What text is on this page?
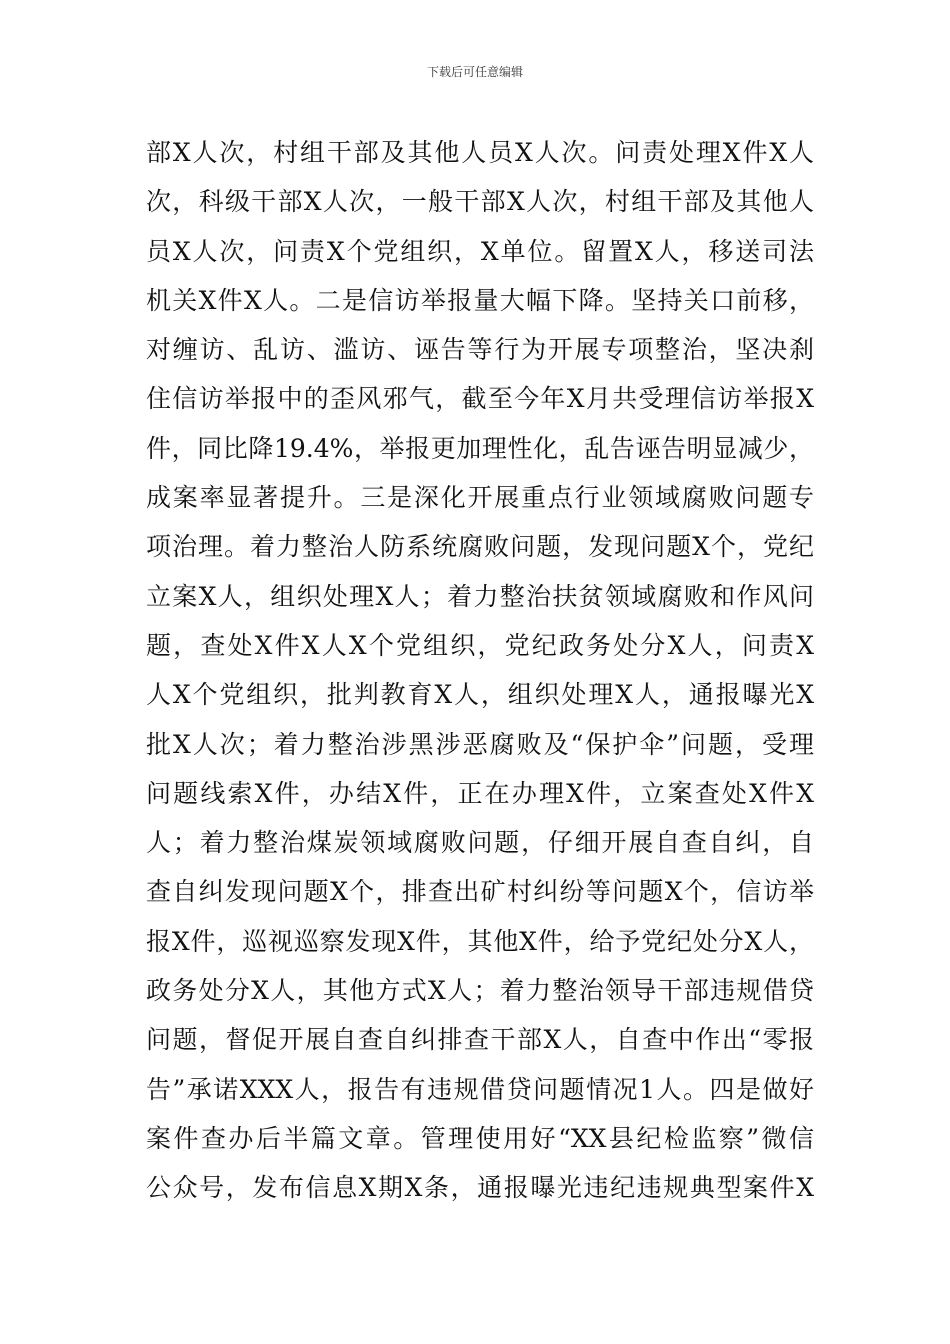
下载后可任意编辑
部X人次，村组干部及其他人员X人次。问责处理X件X人
次，科级干部X人次，一般干部X人次，村组干部及其他人
员X人次，问责X个党组织，X单位。留置X人，移送司法
机关X件X人。二是信访举报量大幅下降。坚持关口前移，
对缠访、乱访、滥访、诬告等行为开展专项整治，坚决刹
住信访举报中的歪风邪气，截至今年X月共受理信访举报X
件，同比降19.4%，举报更加理性化，乱告诬告明显减少，
成案率显著提升。三是深化开展重点行业领域腐败问题专
项治理。着力整治人防系统腐败问题，发现问题X个，党纪
立案X人，组织处理X人；着力整治扶贫领域腐败和作风问
题，查处X件X人X个党组织，党纪政务处分X人，问责X
人X个党组织，批判教育X人，组织处理X人，通报曝光X
批X人次；着力整治涉黑涉恶腐败及“保护伞”问题，受理
问题线索X件，办结X件，正在办理X件，立案查处X件X
人；着力整治煤炭领域腐败问题，仔细开展自查自纠，自
查自纠发现问题X个，排查出矿村纠纷等问题X个，信访举
报X件，巡视巡察发现X件，其他X件，给予党纪处分X人，
政务处分X人，其他方式X人；着力整治领导干部违规借贷
问题，督促开展自查自纠排查干部X人，自查中作出“零报
告”承诺XXX人，报告有违规借贷问题情况1人。四是做好
案件查办后半篇文章。管理使用好“XX县纪检监察”微信
公众号，发布信息X期X条，通报曝光违纪违规典型案件X
